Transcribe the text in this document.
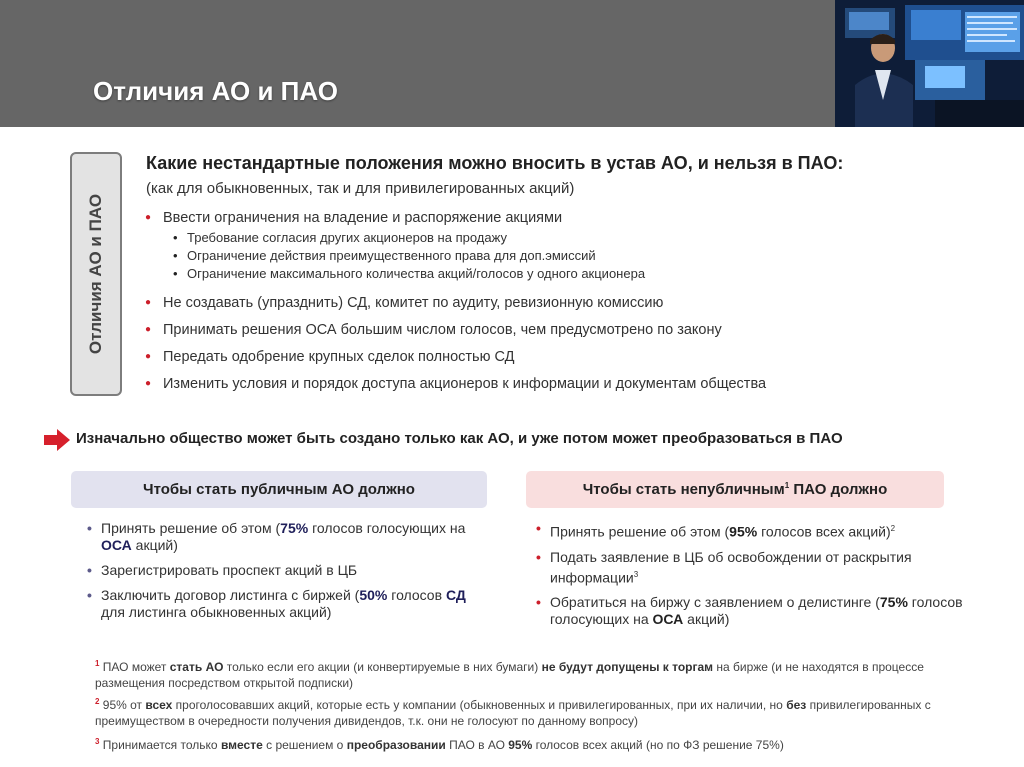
Отличия АО и ПАО
Отличия АО и ПАО
Какие нестандартные положения можно вносить в устав АО, и нельзя в ПАО:
(как для обыкновенных, так и для привилегированных акций)
● Ввести ограничения на владение и распоряжение акциями
• Требование согласия других акционеров на продажу
• Ограничение действия преимущественного права для доп.эмиссий
• Ограничение максимального количества акций/голосов у одного акционера
● Не создавать (упразднить) СД, комитет по аудиту, ревизионную комиссию
● Принимать решения ОСА большим числом голосов, чем предусмотрено по закону
● Передать одобрение крупных сделок полностью СД
● Изменить условия и порядок доступа акционеров к информации и документам общества
Изначально общество может быть создано только как АО, и уже потом может преобразоваться в ПАО
Чтобы стать публичным АО должно	Чтобы стать непубличным$^1$ ПАО должно
• Принять решение об этом (75% голосов голосующих на ОСА акций)
• Зарегистрировать проспект акций в ЦБ
• Заключить договор листинга с биржей (50% голосов СД для листинга обыкновенных акций)
• Принять решение об этом (95% голосов всех акций)$^2$
• Подать заявление в ЦБ об освобождении от раскрытия информации$^3$
• Обратиться на биржу с заявлением о делистинге (75% голосов голосующих на ОСА акций)
$^1$ ПАО может стать АО только если его акции (и конвертируемые в них бумаги) не будут допущены к торгам на бирже (и не находятся в процессе размещения посредством открытой подписки)
$^2$ 95% от всех проголосовавших акций, которые есть у компании (обыкновенных и привилегированных, при их наличии, но без привилегированных с преимуществом в очередности получения дивидендов, т.к. они не голосуют по данному вопросу)
$^3$ Принимается только вместе с решением о преобразовании ПАО в АО 95% голосов всех акций (но по ФЗ решение 75%)
